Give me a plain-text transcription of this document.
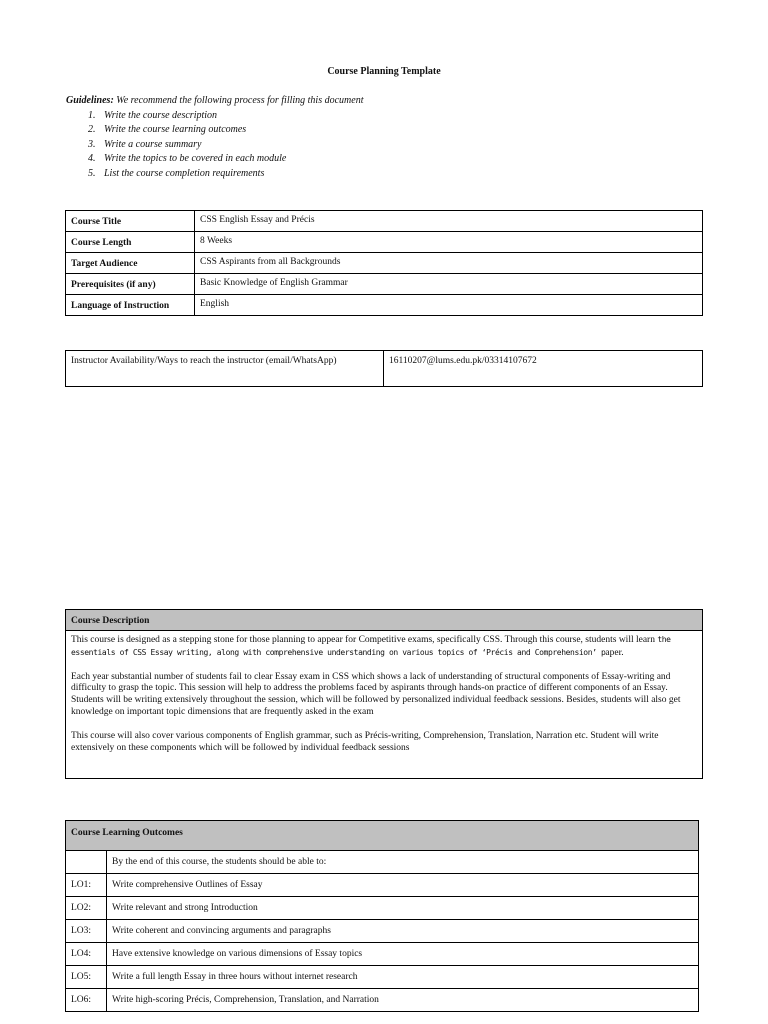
Course Planning Template
Guidelines: We recommend the following process for filling this document
1. Write the course description
2. Write the course learning outcomes
3. Write a course summary
4. Write the topics to be covered in each module
5. List the course completion requirements
Course Title	CSS English Essay and Précis
Course Length	8 Weeks
Target Audience	CSS Aspirants from all Backgrounds
Prerequisites (if any)	Basic Knowledge of English Grammar
Language of Instruction	English
Instructor Availability/Ways to reach the instructor (email/WhatsApp)	16110207@lums.edu.pk/03314107672
Course Description

This course is designed as a stepping stone for those planning to appear for Competitive exams, specifically CSS. Through this course, students will learn the essentials of CSS Essay writing, along with comprehensive understanding on various topics of ‘Précis and Comprehension’ paper.

Each year substantial number of students fail to clear Essay exam in CSS which shows a lack of understanding of structural components of Essay-writing and difficulty to grasp the topic. This session will help to address the problems faced by aspirants through hands-on practice of different components of an Essay. Students will be writing extensively throughout the session, which will be followed by personalized individual feedback sessions. Besides, students will also get knowledge on important topic dimensions that are frequently asked in the exam

This course will also cover various components of English grammar, such as Précis-writing, Comprehension, Translation, Narration etc. Student will write extensively on these components which will be followed by individual feedback sessions

Course Learning Outcomes	
	By the end of this course, the students should be able to:
LO1:	Write comprehensive Outlines of Essay
LO2:	Write relevant and strong Introduction
LO3:	Write coherent and convincing arguments and paragraphs
LO4:	Have extensive knowledge on various dimensions of Essay topics
LO5:	Write a full length Essay in three hours without internet research
LO6:	Write high-scoring Précis, Comprehension, Translation, and Narration
